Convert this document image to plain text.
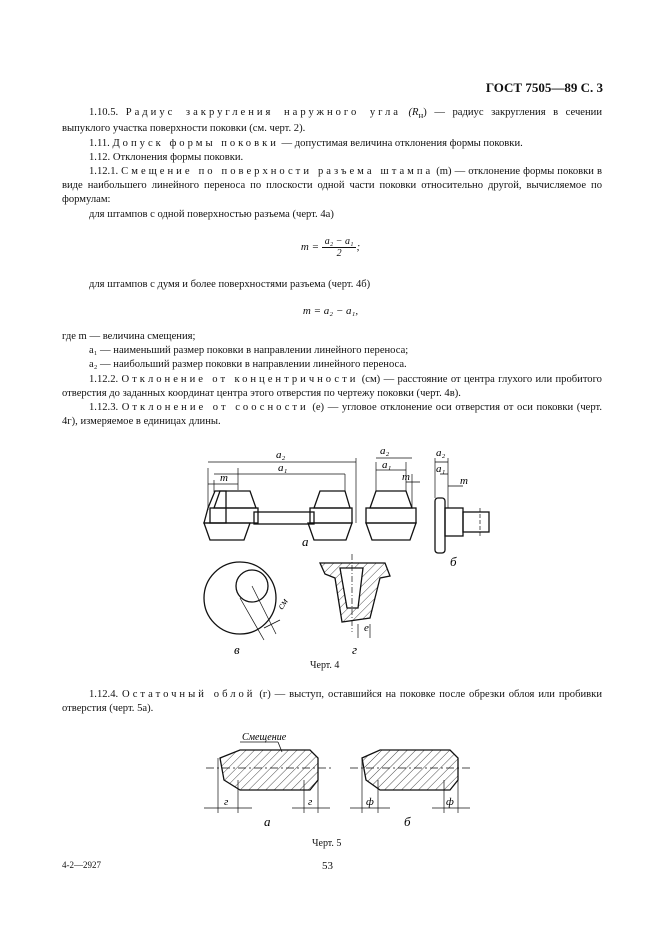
ГОСТ 7505—89 С. 3

1.10.5. Радиус закругления наружного угла $(R_н)$ — радиус закругления в сечении выпуклого участка поверхности поковки (см. черт. 2).

1.11. Допуск формы поковки — допустимая величина отклонения формы поковки.

1.12. Отклонения формы поковки.

1.12.1. Смещение по поверхности разъема штампа (m) — отклонение формы поковки в виде наибольшего линейного переноса по плоскости одной части поковки относительно другой, вычисляемое по формулам:

для штампов с одной поверхностью разъема (черт. 4а)

$m = \frac{\text{a₂ − a₁}}{2}$ ;

для штампов с думя и более поверхностями разъема (черт. 4б)

m = a₂ − a₁,

где m — величина смещения;

a₁ — наименьший размер поковки в направлении линейного переноса;

a₂ — наибольший размер поковки в направлении линейного переноса.

1.12.2. Отклонение от концентричности (cм) — расстояние от центра глухого или пробитого отверстия до заданных координат центра этого отверстия по чертежу поковки (черт. 4в).

1.12.3. Отклонение от соосности (е) — угловое отклонение оси отверстия от оси поковки (черт. 4г), измеряемое в единицах длины.

a₂
a₁
m
a₂
a₁
m
a₂
a₁
m
а
б
в	г
cм
е
Черт. 4

1.12.4. Остаточный облой (г) — выступ, оставшийся на поковке после обрезки облоя или пробивки отверстия (черт. 5а).

Смещение
г	г	ф	ф
а	б
Черт. 5
4-2—2927	53
